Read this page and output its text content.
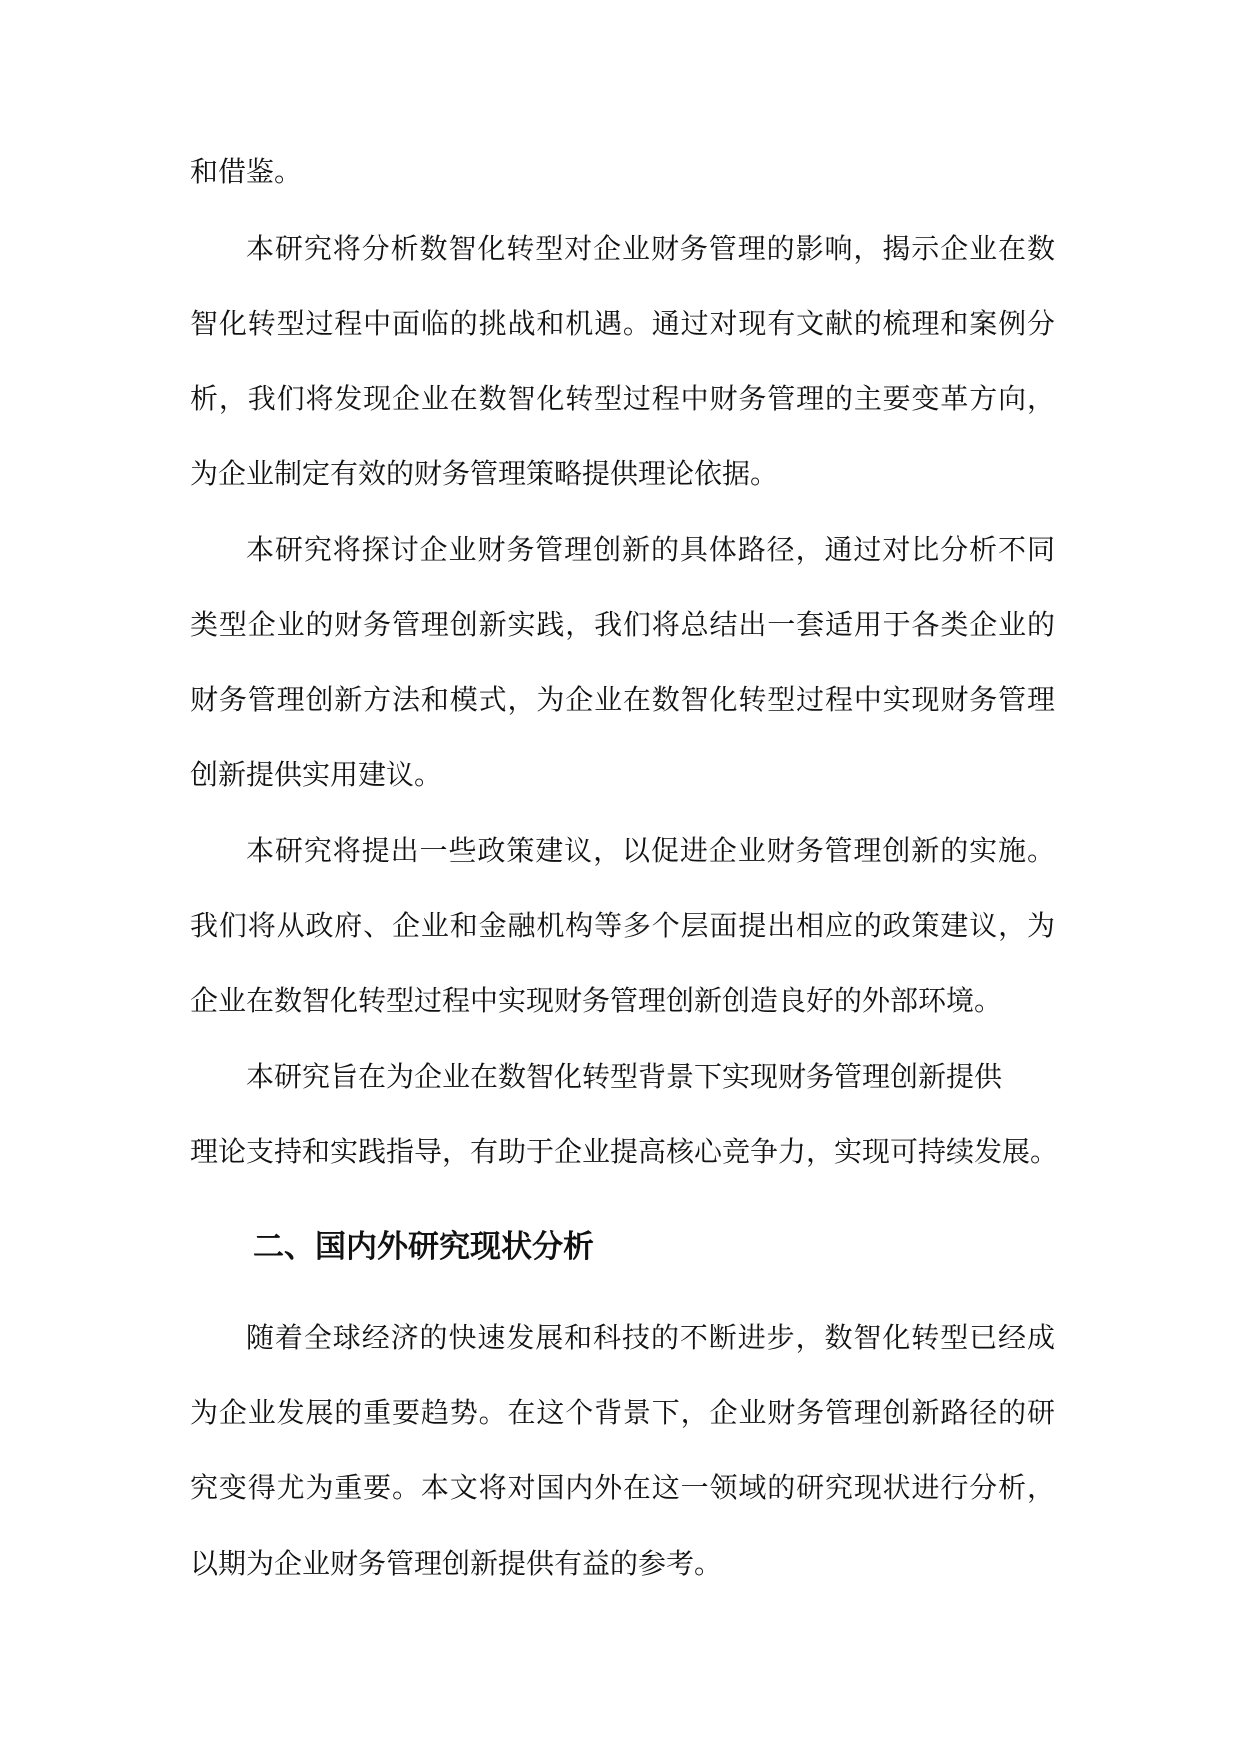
和借鉴。
本研究将分析数智化转型对企业财务管理的影响，揭示企业在数
智化转型过程中面临的挑战和机遇。通过对现有文献的梳理和案例分
析，我们将发现企业在数智化转型过程中财务管理的主要变革方向，
为企业制定有效的财务管理策略提供理论依据。
本研究将探讨企业财务管理创新的具体路径，通过对比分析不同
类型企业的财务管理创新实践，我们将总结出一套适用于各类企业的
财务管理创新方法和模式，为企业在数智化转型过程中实现财务管理
创新提供实用建议。
本研究将提出一些政策建议，以促进企业财务管理创新的实施。
我们将从政府、企业和金融机构等多个层面提出相应的政策建议，为
企业在数智化转型过程中实现财务管理创新创造良好的外部环境。
本研究旨在为企业在数智化转型背景下实现财务管理创新提供
理论支持和实践指导，有助于企业提高核心竞争力，实现可持续发展。
二、国内外研究现状分析
随着全球经济的快速发展和科技的不断进步，数智化转型已经成
为企业发展的重要趋势。在这个背景下，企业财务管理创新路径的研
究变得尤为重要。本文将对国内外在这一领域的研究现状进行分析，
以期为企业财务管理创新提供有益的参考。
